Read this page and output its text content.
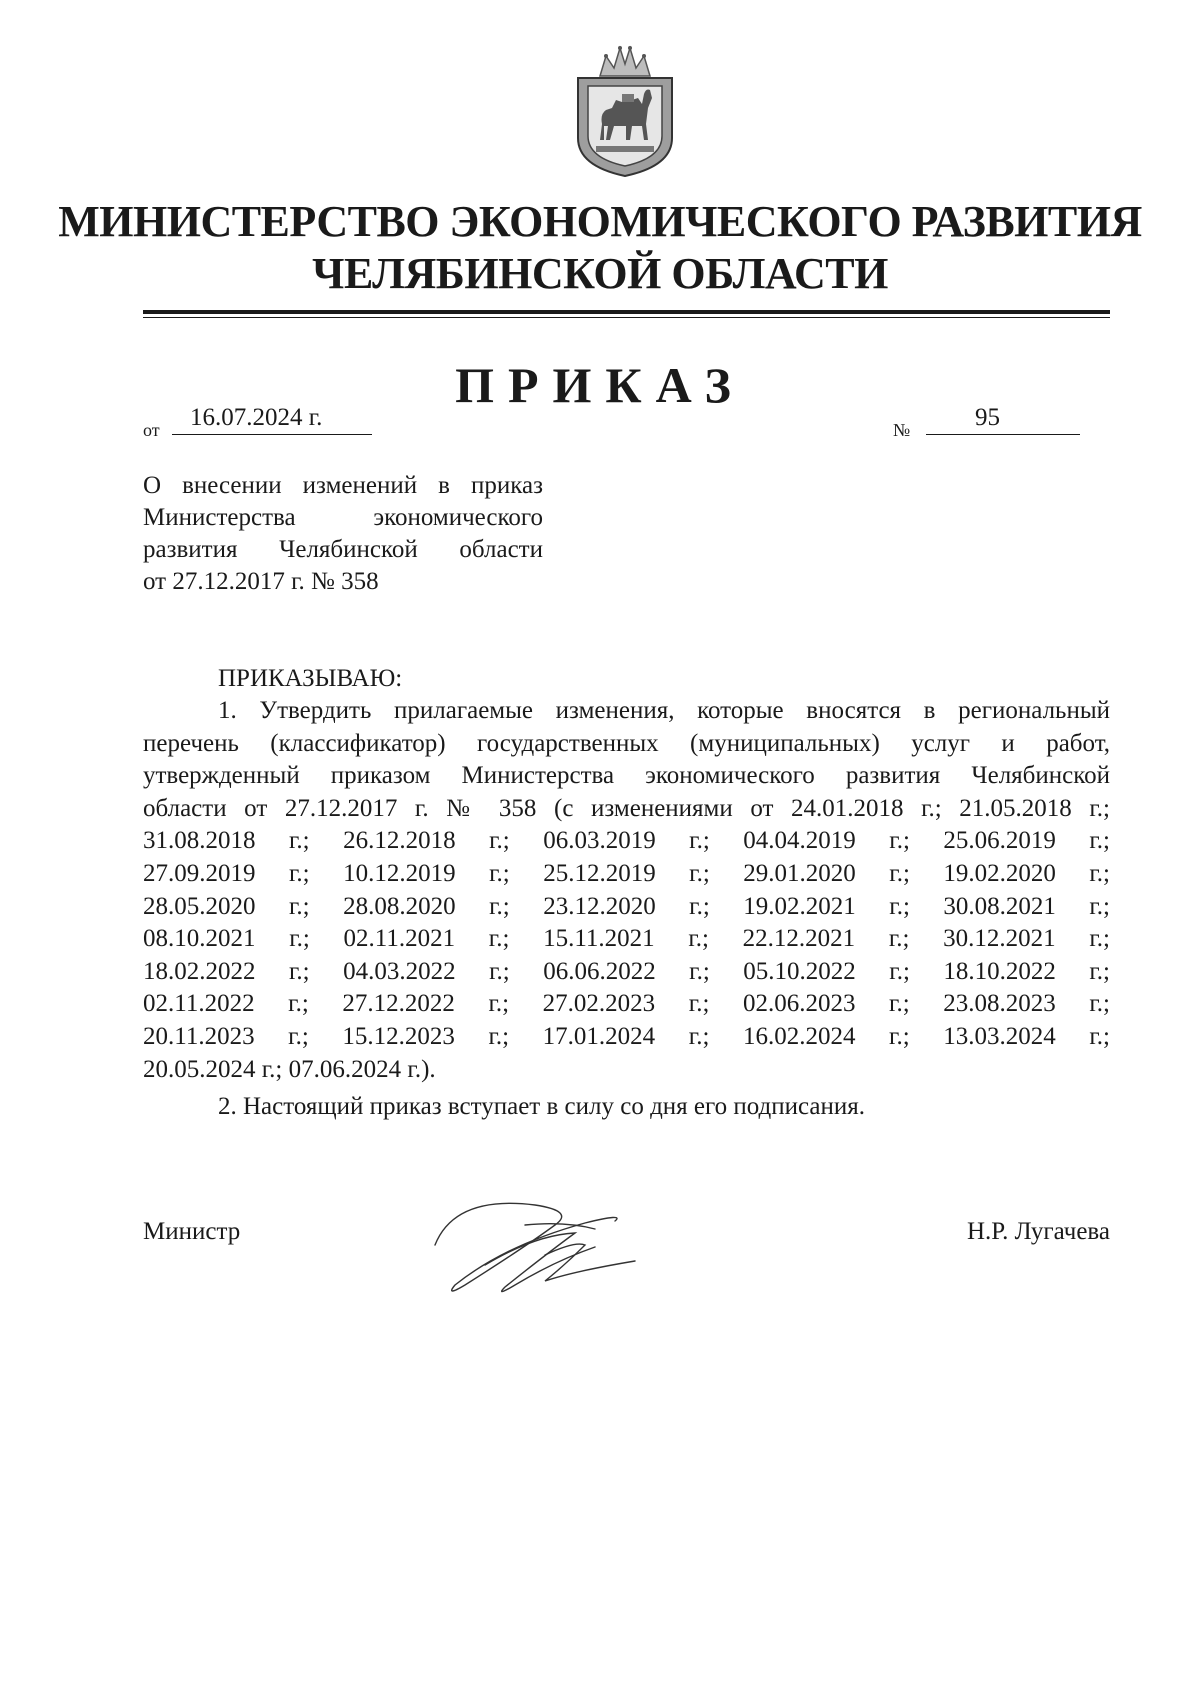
МИНИСТЕРСТВО ЭКОНОМИЧЕСКОГО РАЗВИТИЯ
ЧЕЛЯБИНСКОЙ ОБЛАСТИ
ПРИКАЗ
от 16.07.2024 г.	№	95
О внесении изменений в приказ
Министерства экономического
развития Челябинской области
от 27.12.2017 г. № 358
ПРИКАЗЫВАЮ:
1. Утвердить прилагаемые изменения, которые вносятся в региональный
перечень (классификатор) государственных (муниципальных) услуг и работ,
утвержденный приказом Министерства экономического развития Челябинской
области от 27.12.2017 г. № 358 (с изменениями от 24.01.2018 г.; 21.05.2018 г.;
31.08.2018 г.; 26.12.2018 г.; 06.03.2019 г.; 04.04.2019 г.; 25.06.2019 г.;
27.09.2019 г.; 10.12.2019 г.; 25.12.2019 г.; 29.01.2020 г.; 19.02.2020 г.;
28.05.2020 г.; 28.08.2020 г.; 23.12.2020 г.; 19.02.2021 г.; 30.08.2021 г.;
08.10.2021 г.; 02.11.2021 г.; 15.11.2021 г.; 22.12.2021 г.; 30.12.2021 г.;
18.02.2022 г.; 04.03.2022 г.; 06.06.2022 г.; 05.10.2022 г.; 18.10.2022 г.;
02.11.2022 г.; 27.12.2022 г.; 27.02.2023 г.; 02.06.2023 г.; 23.08.2023 г.;
20.11.2023 г.; 15.12.2023 г.; 17.01.2024 г.; 16.02.2024 г.; 13.03.2024 г.;
20.05.2024 г.; 07.06.2024 г.).
2. Настоящий приказ вступает в силу со дня его подписания.
Министр	Н.Р. Лугачева
